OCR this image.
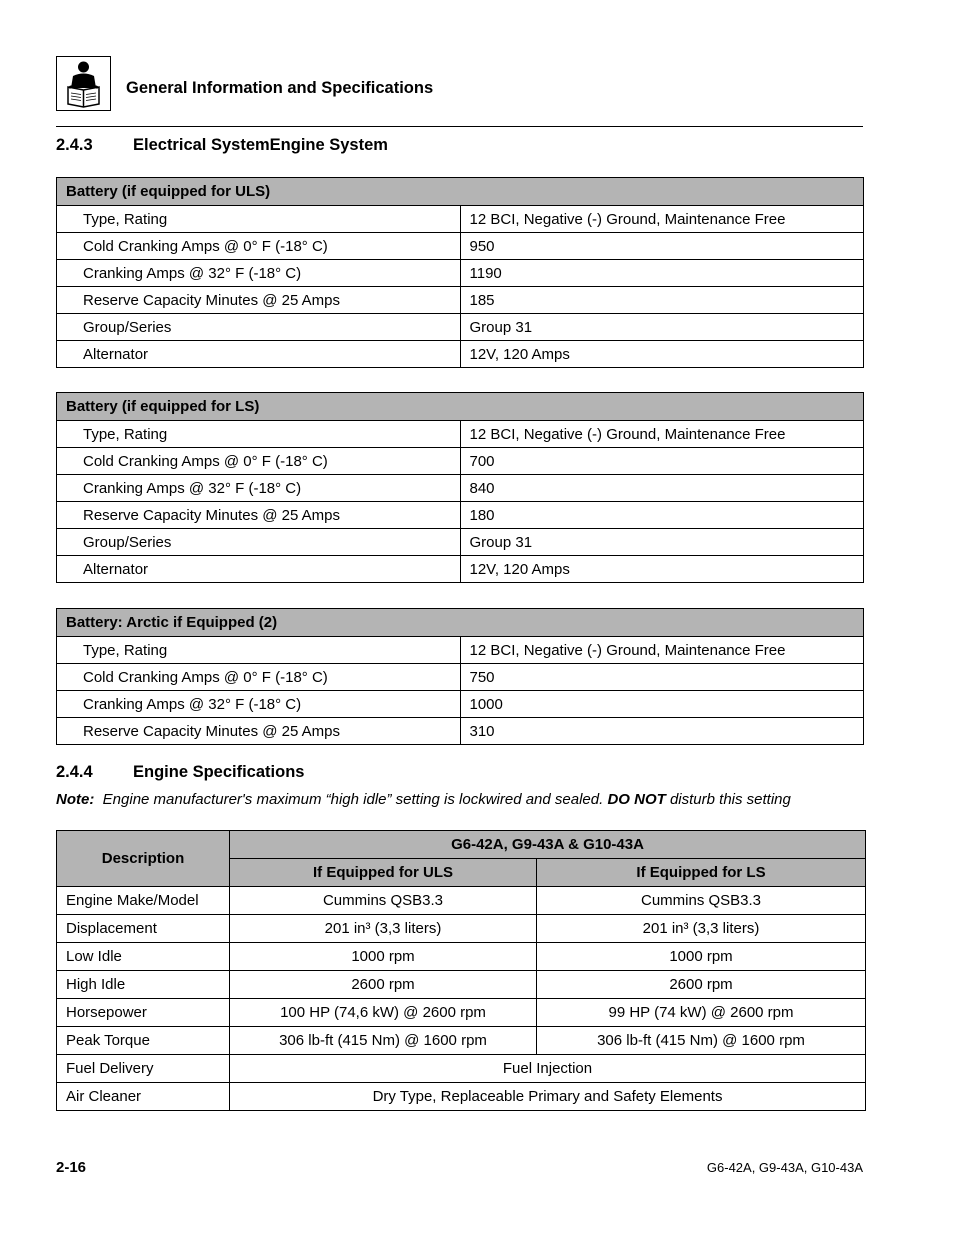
General Information and Specifications
2.4.3 Electrical SystemEngine System
Battery (if equipped for ULS)	
Type, Rating	12 BCI, Negative (-) Ground, Maintenance Free
Cold Cranking Amps @ 0° F (-18° C)	950
Cranking Amps @ 32° F (-18° C)	1190
Reserve Capacity Minutes @ 25 Amps	185
Group/Series	Group 31
Alternator	12V, 120 Amps
Battery (if equipped for LS)	
Type, Rating	12 BCI, Negative (-) Ground, Maintenance Free
Cold Cranking Amps @ 0° F (-18° C)	700
Cranking Amps @ 32° F (-18° C)	840
Reserve Capacity Minutes @ 25 Amps	180
Group/Series	Group 31
Alternator	12V, 120 Amps
Battery: Arctic if Equipped (2)	
Type, Rating	12 BCI, Negative (-) Ground, Maintenance Free
Cold Cranking Amps @ 0° F (-18° C)	750
Cranking Amps @ 32° F (-18° C)	1000
Reserve Capacity Minutes @ 25 Amps	310
2.4.4 Engine Specifications
Note: Engine manufacturer's maximum “high idle” setting is lockwired and sealed. DO NOT disturb this setting
Description	G6-42A, G9-43A & G10-43A	
	If Equipped for ULS	If Equipped for LS
Engine Make/Model	Cummins QSB3.3	Cummins QSB3.3
Displacement	201 in³ (3,3 liters)	201 in³ (3,3 liters)
Low Idle	1000 rpm	1000 rpm
High Idle	2600 rpm	2600 rpm
Horsepower	100 HP (74,6 kW) @ 2600 rpm	99 HP (74 kW) @ 2600 rpm
Peak Torque	306 lb-ft (415 Nm) @ 1600 rpm	306 lb-ft (415 Nm) @ 1600 rpm
Fuel Delivery	Fuel Injection	
Air Cleaner	Dry Type, Replaceable Primary and Safety Elements	
2-16	G6-42A, G9-43A, G10-43A
